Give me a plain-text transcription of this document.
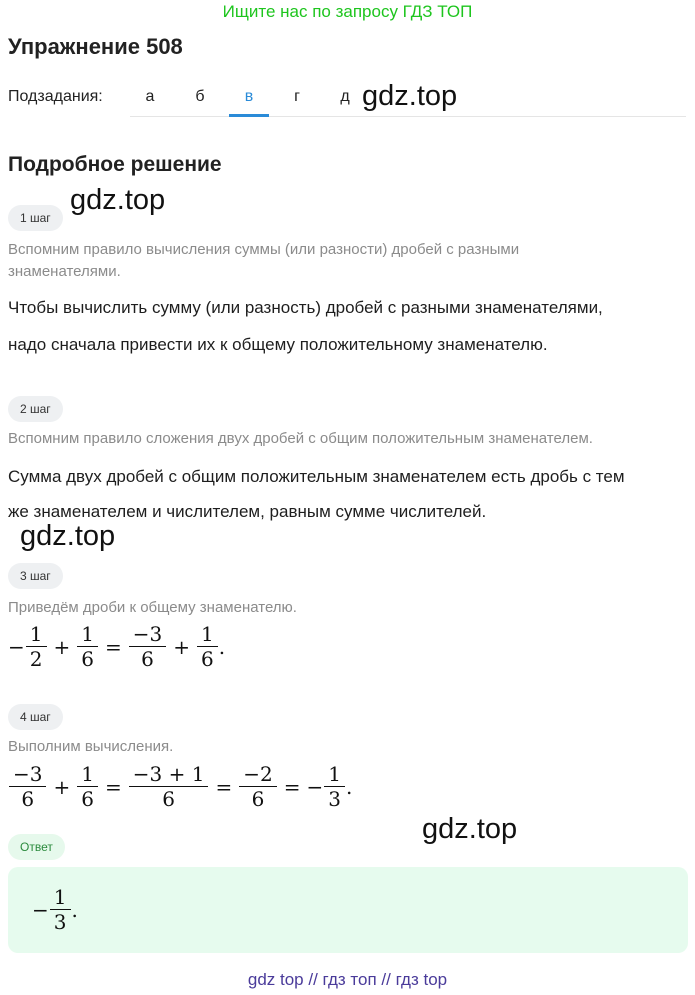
Ищите нас по запросу ГДЗ ТОП
Упражнение 508
Подзадания:	а	б	в	г	д gdz.top
Подробное решение
1 шаг
gdz.top
Вспомним правило вычисления суммы (или разности) дробей с разными знаменателями.
Чтобы вычислить сумму (или разность) дробей с разными знаменателями,
надо сначала привести их к общему положительному знаменателю.
2 шаг
Вспомним правило сложения двух дробей с общим положительным знаменателем.
Сумма двух дробей с общим положительным знаменателем есть дробь с тем
же знаменателем и числителем, равным сумме числителей.
gdz.top
3 шаг
Приведём дроби к общему знаменателю.
− $\frac{1}{2} + \frac{1}{6} = \frac{-3}{6} + \frac{1}{6}$ .
4 шаг
Выполним вычисления.
$\frac{-3}{6} + \frac{1}{6} = \frac{-3 + 1}{6} = \frac{-2}{6}$ = − $\frac{1}{3}$ .
gdz.top
Ответ
− $\frac{1}{3}$ .
gdz top // гдз топ // гдз top
